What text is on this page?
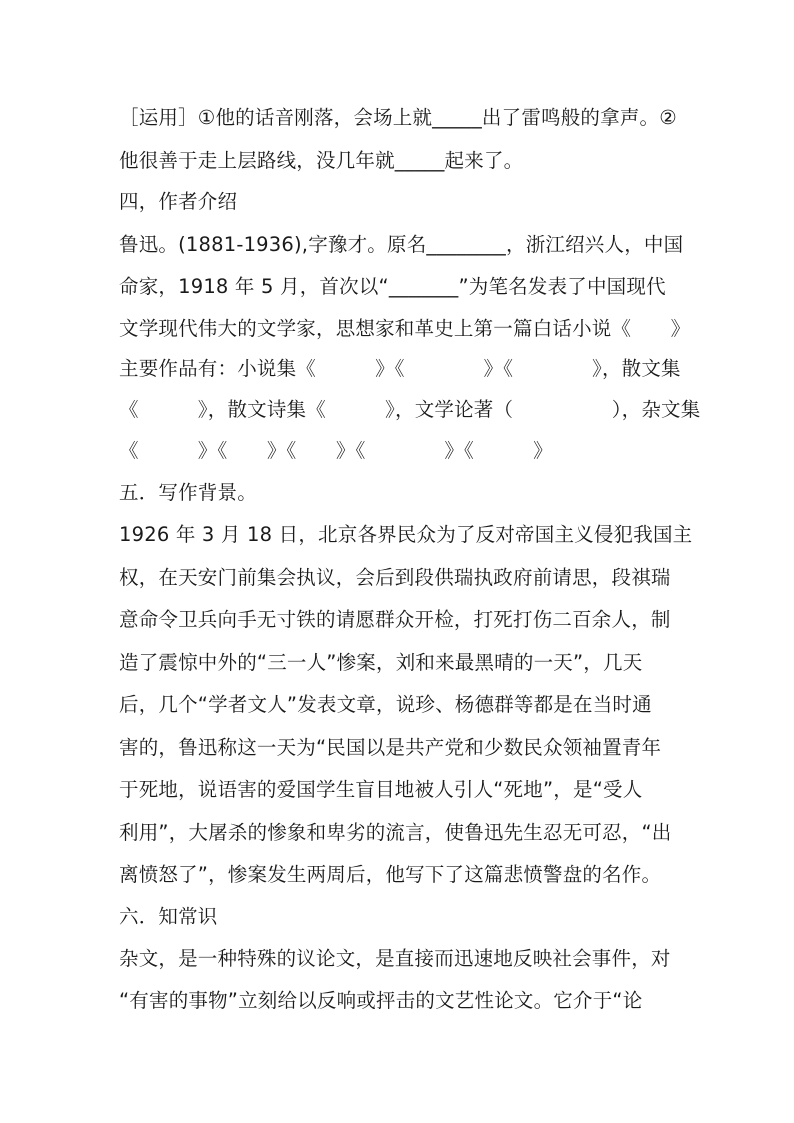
［运用］①他的话音刚落，会场上就_____出了雷鸣般的拿声。②
他很善于走上层路线，没几年就_____起来了。
四，作者介绍
鲁迅。(1881-1936),字豫才。原名________，浙江绍兴人，中国
命家，1918 年 5 月，首次以“_______”为笔名发表了中国现代
文学现代伟大的文学家，思想家和革史上第一篇白话小说《　　》
主要作品有：小说集《　　　》《　　　　》《　　　　》，散文集
《　　　》，散文诗集《　　　》，文学论著（　　　　　），杂文集
《　　　》《　　》《　　》《　　　　》《　　　》
五．写作背景。
1926 年 3 月 18 日，北京各界民众为了反对帝国主义侵犯我国主
权，在天安门前集会执议，会后到段供瑞执政府前请思，段祺瑞
意命令卫兵向手无寸铁的请愿群众开检，打死打伤二百余人，制
造了震惊中外的“三一人”惨案，刘和来最黑晴的一天”，几天
后，几个“学者文人”发表文章，说珍、杨德群等都是在当时通
害的，鲁迅称这一天为“民国以是共产党和少数民众领袖置青年
于死地，说语害的爱国学生盲目地被人引人“死地”，是“受人
利用”，大屠杀的惨象和卑劣的流言，使鲁迅先生忍无可忍，“出
离愤怒了”，惨案发生两周后，他写下了这篇悲愤警盘的名作。
六．知常识
杂文，是一种特殊的议论文，是直接而迅速地反映社会事件，对
“有害的事物”立刻给以反响或抨击的文艺性论文。它介于“论
